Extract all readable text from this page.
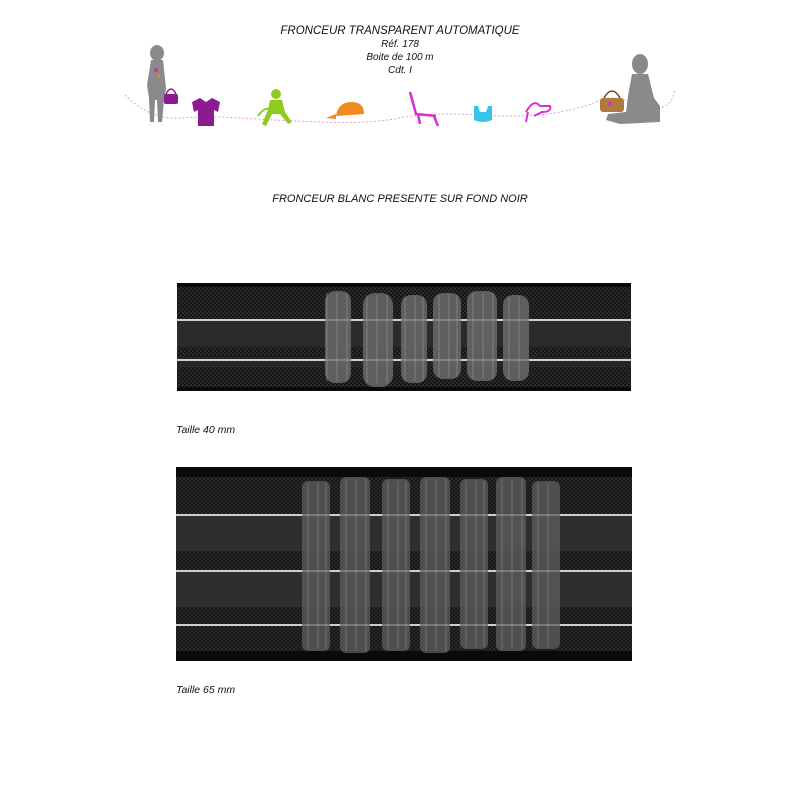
FRONCEUR TRANSPARENT AUTOMATIQUE
Réf. 178
Boite de 100 m
Cdt. I
FRONCEUR BLANC PRESENTE SUR FOND NOIR
Taille 40 mm
Taille 65 mm
